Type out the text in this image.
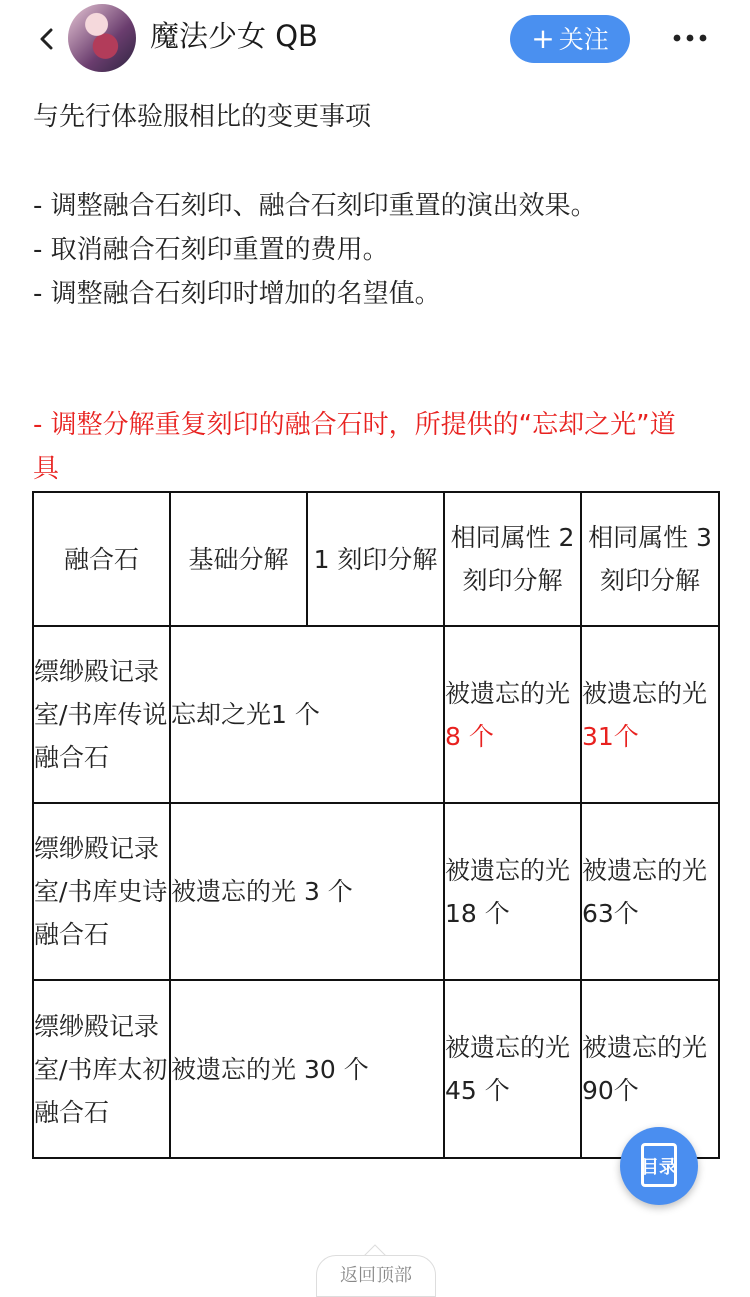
魔法少女 QB	+ 关注
与先行体验服相比的变更事项
- 调整融合石刻印、融合石刻印重置的演出效果。
- 取消融合石刻印重置的费用。
- 调整融合石刻印时增加的名望值。
- 调整分解重复刻印的融合石时，所提供的“忘却之光”道
具
融合石	基础分解	1 刻印分解	相同属性 2 刻印分解	相同属性 3 刻印分解
缥缈殿记录室/书库传说融合石	忘却之光1 个		被遗忘的光 8 个	被遗忘的光 31个
缥缈殿记录室/书库史诗融合石	被遗忘的光 3 个		被遗忘的光 18 个	被遗忘的光 63个
缥缈殿记录室/书库太初融合石	被遗忘的光 30 个		被遗忘的光 45 个	被遗忘的光 90个
目录
返回顶部
